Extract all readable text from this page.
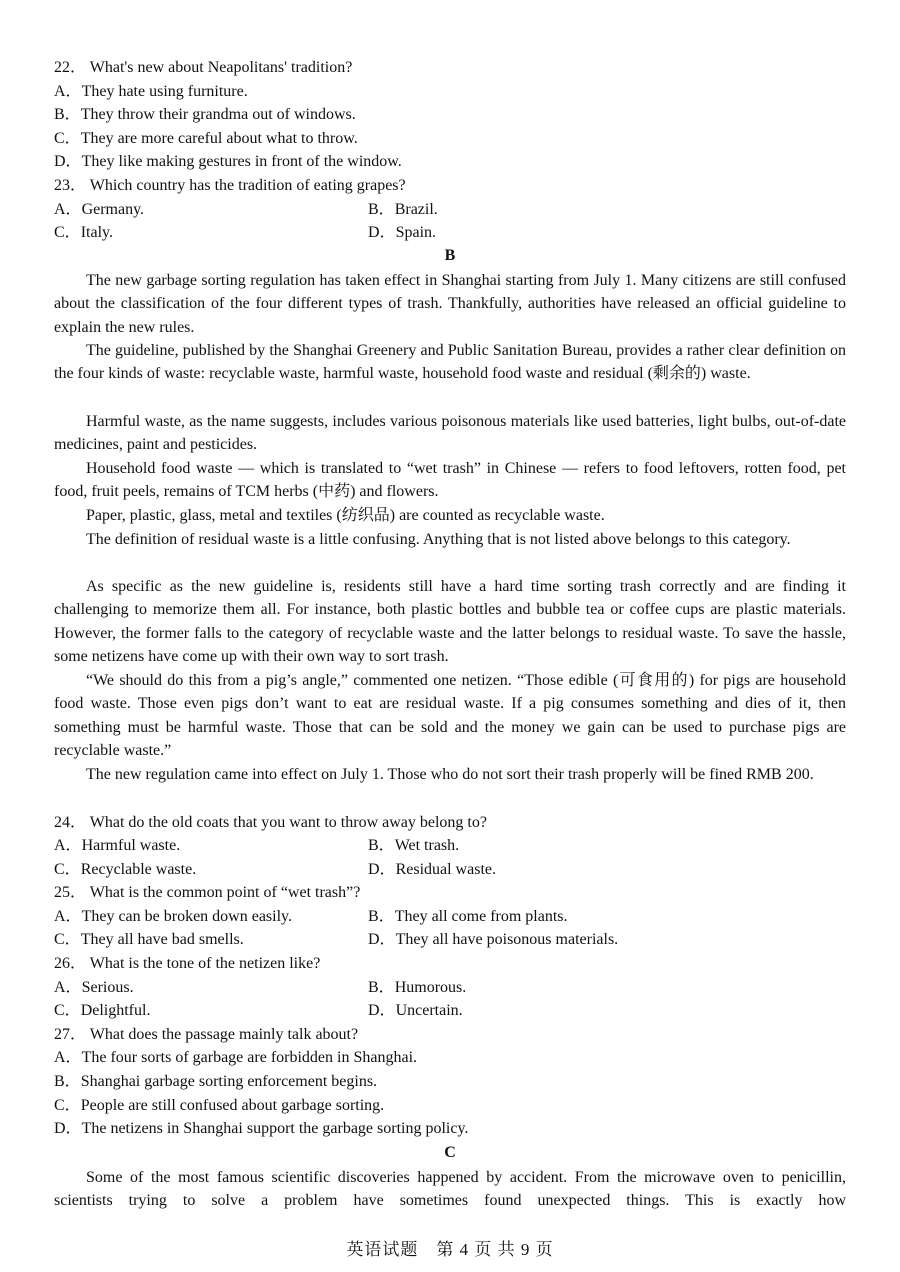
22． What's new about Neapolitans' tradition?
A．They hate using furniture.
B．They throw their grandma out of windows.
C．They are more careful about what to throw.
D．They like making gestures in front of the window.
23． Which country has the tradition of eating grapes?
A．Germany.	B．Brazil.
C．Italy.	D．Spain.
B
The new garbage sorting regulation has taken effect in Shanghai starting from July 1. Many citizens are still confused about the classification of the four different types of trash. Thankfully, authorities have released an official guideline to explain the new rules.
The guideline, published by the Shanghai Greenery and Public Sanitation Bureau, provides a rather clear definition on the four kinds of waste: recyclable waste, harmful waste, household food waste and residual (剩余的) waste.
Harmful waste, as the name suggests, includes various poisonous materials like used batteries, light bulbs, out-of-date medicines, paint and pesticides.
Household food waste — which is translated to “wet trash” in Chinese — refers to food leftovers, rotten food, pet food, fruit peels, remains of TCM herbs (中药) and flowers.
Paper, plastic, glass, metal and textiles (纺织品) are counted as recyclable waste.
The definition of residual waste is a little confusing. Anything that is not listed above belongs to this category.
As specific as the new guideline is, residents still have a hard time sorting trash correctly and are finding it challenging to memorize them all. For instance, both plastic bottles and bubble tea or coffee cups are plastic materials. However, the former falls to the category of recyclable waste and the latter belongs to residual waste. To save the hassle, some netizens have come up with their own way to sort trash.
“We should do this from a pig’s angle,” commented one netizen. “Those edible (可食用的) for pigs are household food waste. Those even pigs don’t want to eat are residual waste. If a pig consumes something and dies of it, then something must be harmful waste. Those that can be sold and the money we gain can be used to purchase pigs are recyclable waste.”
The new regulation came into effect on July 1. Those who do not sort their trash properly will be fined RMB 200.
24． What do the old coats that you want to throw away belong to?
A．Harmful waste.	B．Wet trash.
C．Recyclable waste.	D．Residual waste.
25． What is the common point of “wet trash”?
A．They can be broken down easily.	B．They all come from plants.
C．They all have bad smells.	D．They all have poisonous materials.
26． What is the tone of the netizen like?
A．Serious.	B．Humorous.
C．Delightful.	D．Uncertain.
27． What does the passage mainly talk about?
A．The four sorts of garbage are forbidden in Shanghai.
B．Shanghai garbage sorting enforcement begins.
C．People are still confused about garbage sorting.
D．The netizens in Shanghai support the garbage sorting policy.
C
Some of the most famous scientific discoveries happened by accident. From the microwave oven to penicillin, scientists trying to solve a problem have sometimes found unexpected things. This is exactly how
英语试题　第 4 页 共 9 页
